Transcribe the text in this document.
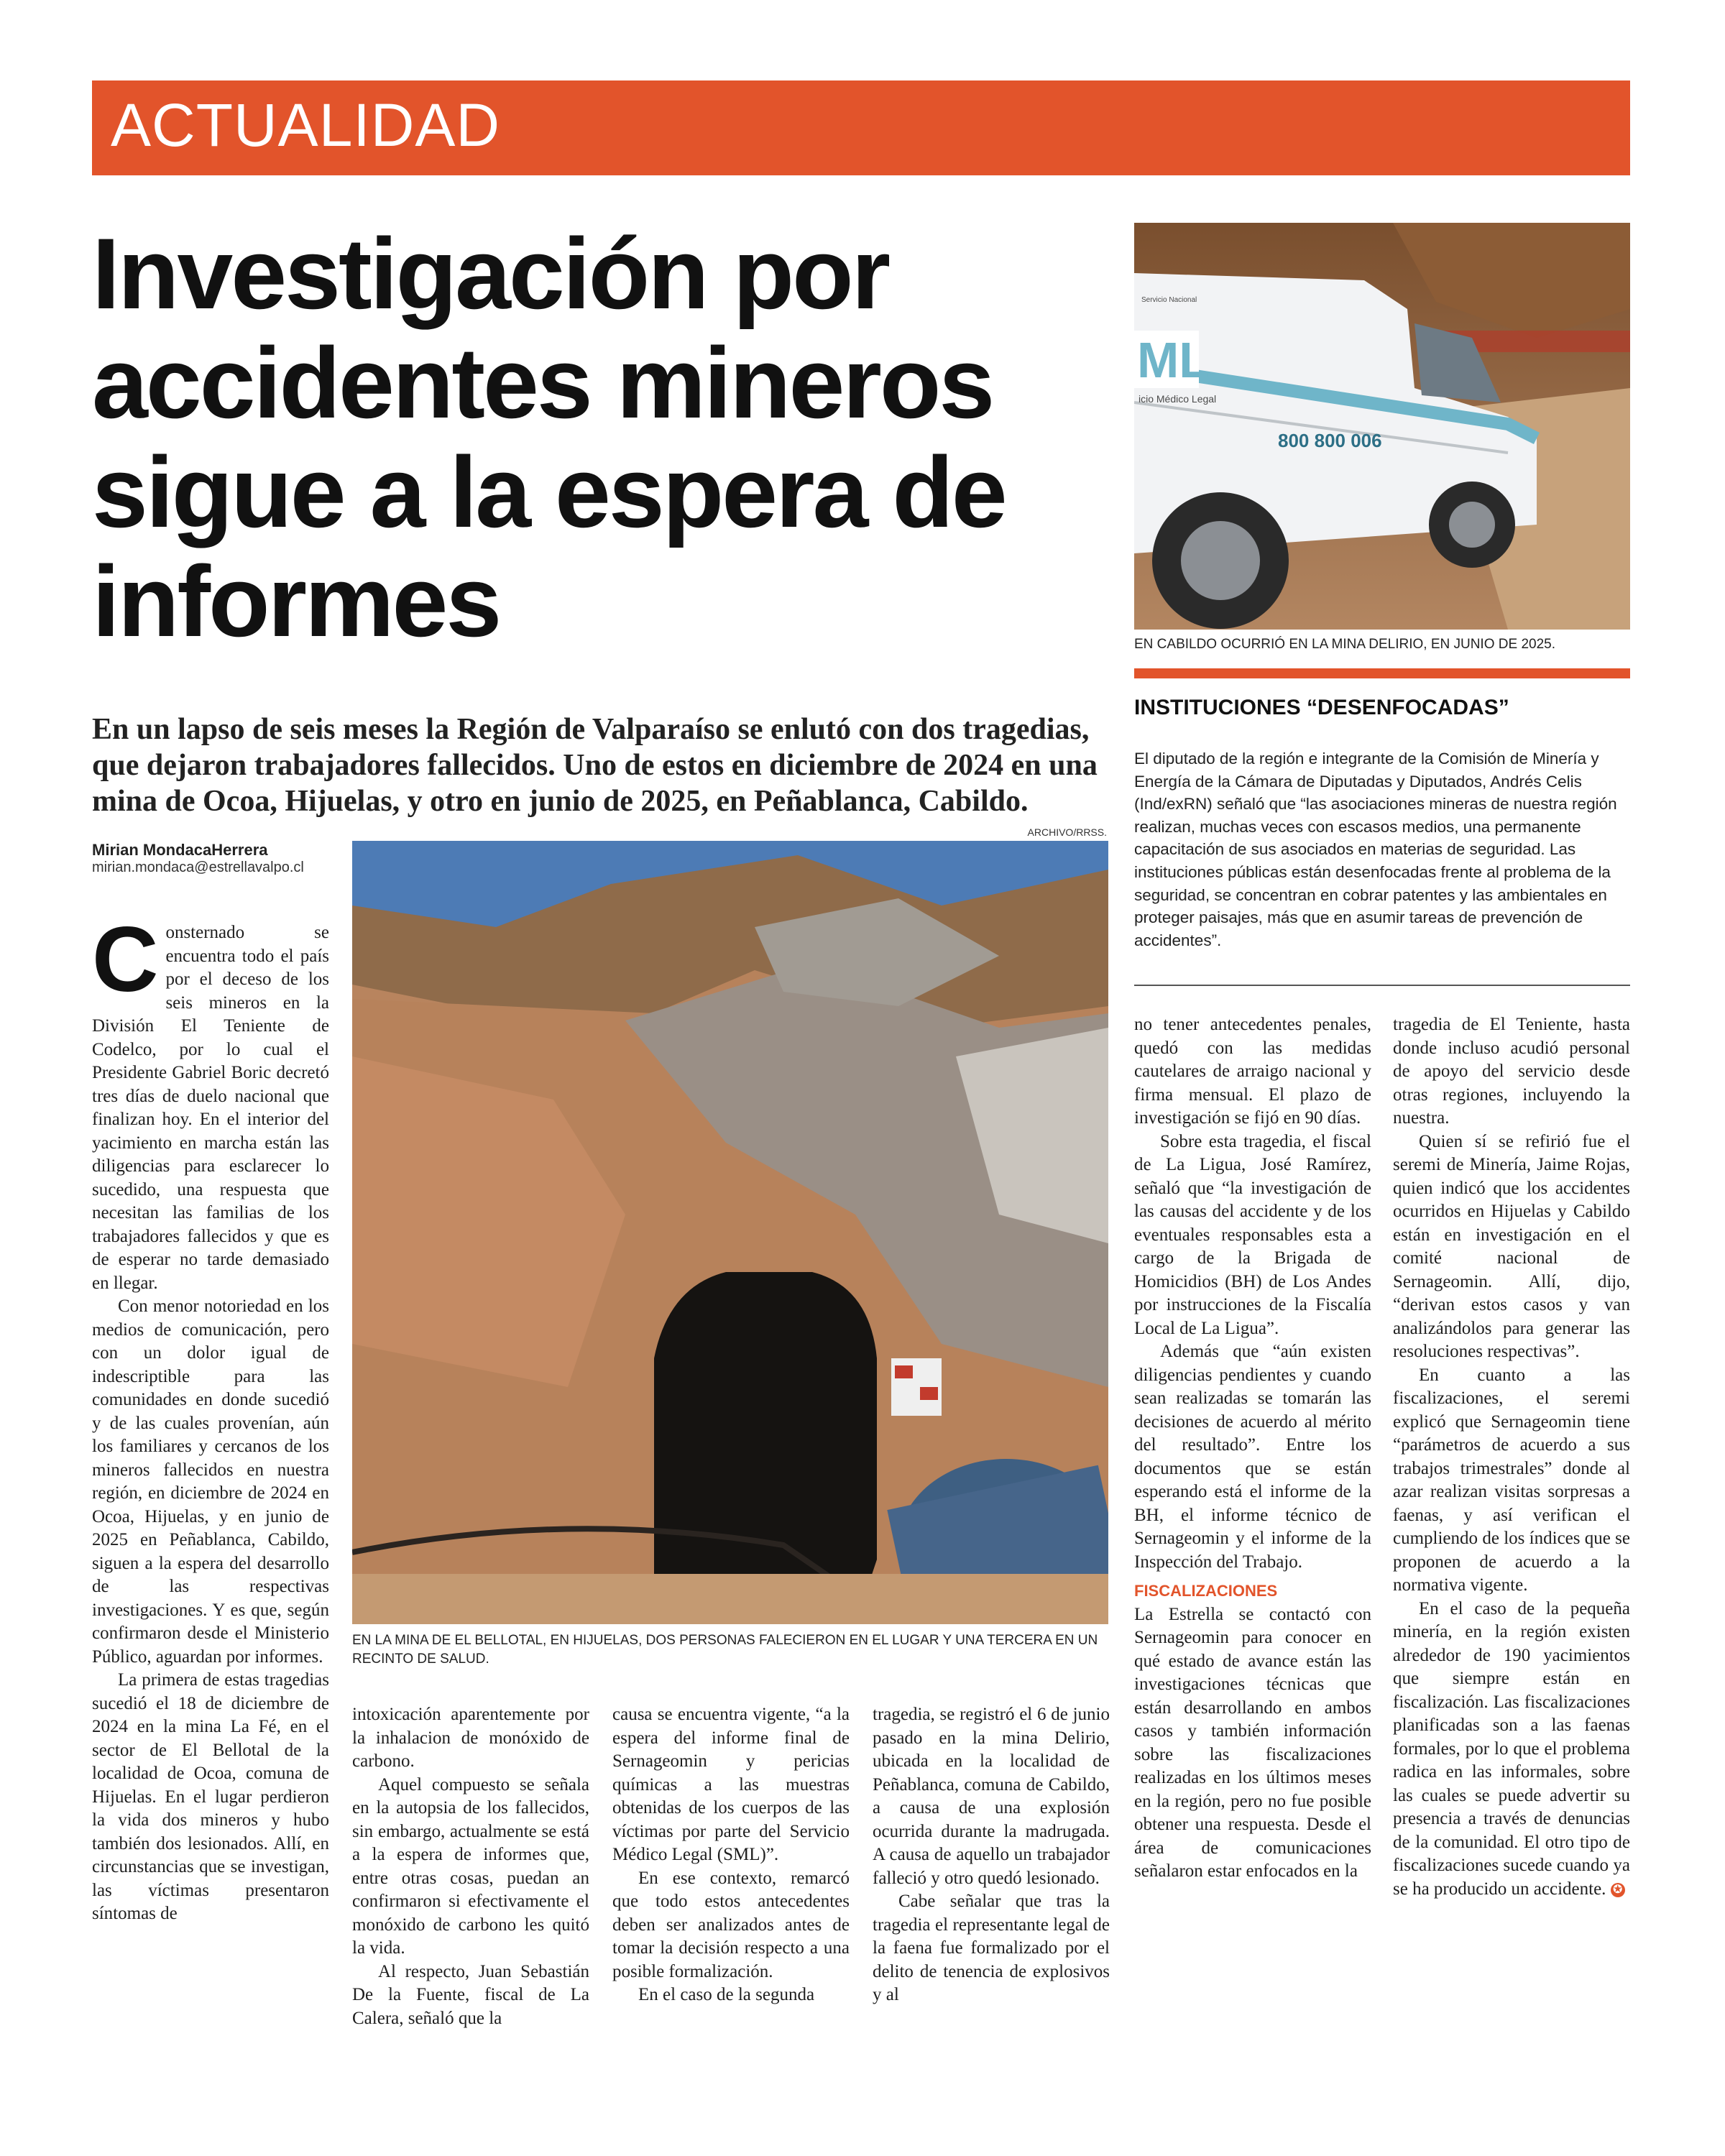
ACTUALIDAD
Investigación por accidentes mineros sigue a la espera de informes
ML
icio Médico Legal
Servicio Nacional
800 800 006
EN CABILDO OCURRIÓ EN LA MINA DELIRIO, EN JUNIO DE 2025.
INSTITUCIONES “DESENFOCADAS”
El diputado de la región e integrante de la Comisión de Minería y Energía de la Cámara de Diputadas y Diputados, Andrés Celis (Ind/exRN) señaló que “las asociaciones mineras de nuestra región realizan, muchas veces con escasos medios, una permanente capacitación de sus asociados en materias de seguridad. Las instituciones públicas están desenfocadas frente al problema de la seguridad, se concentran en cobrar patentes y las ambientales en proteger paisajes, más que en asumir tareas de prevención de accidentes”.

En un lapso de seis meses la Región de Valparaíso se enlutó con dos tragedias, que dejaron trabajadores fallecidos. Uno de estos en diciembre de 2024 en una mina de Ocoa, Hijuelas, y otro en junio de 2025, en Peñablanca, Cabildo.

Mirian MondacaHerrera
mirian.mondaca@estrellavalpo.cl
ARCHIVO/RRSS.
EN LA MINA DE EL BELLOTAL, EN HIJUELAS, DOS PERSONAS FALECIERON EN EL LUGAR Y UNA TERCERA EN UN RECINTO DE SALUD.

Consternado se encuentra todo el país por el deceso de los seis mineros en la División El Teniente de Codelco, por lo cual el Presidente Gabriel Boric decretó tres días de duelo nacional que finalizan hoy. En el interior del yacimiento en marcha están las diligencias para esclarecer lo sucedido, una respuesta que necesitan las familias de los trabajadores fallecidos y que es de esperar no tarde demasiado en llegar.

Con menor notoriedad en los medios de comunicación, pero con un dolor igual de indescriptible para las comunidades en donde sucedió y de las cuales provenían, aún los familiares y cercanos de los mineros fallecidos en nuestra región, en diciembre de 2024 en Ocoa, Hijuelas, y en junio de 2025 en Peñablanca, Cabildo, siguen a la espera del desarrollo de las respectivas investigaciones. Y es que, según confirmaron desde el Ministerio Público, aguardan por informes.

La primera de estas tragedias sucedió el 18 de diciembre de 2024 en la mina La Fé, en el sector de El Bellotal de la localidad de Ocoa, comuna de Hijuelas. En el lugar perdieron la vida dos mineros y hubo también dos lesionados. Allí, en circunstancias que se investigan, las víctimas presentaron síntomas de

intoxicación aparentemente por la inhalacion de monóxido de carbono.

Aquel compuesto se señala en la autopsia de los fallecidos, sin embargo, actualmente se está a la espera de informes que, entre otras cosas, puedan an confirmaron si efectivamente el monóxido de carbono les quitó la vida.

Al respecto, Juan Sebastián De la Fuente, fiscal de La Calera, señaló que la

causa se encuentra vigente, “a la espera del informe final de Sernageomin y pericias químicas a las muestras obtenidas de los cuerpos de las víctimas por parte del Servicio Médico Legal (SML)”.

En ese contexto, remarcó que todo estos antecedentes deben ser analizados antes de tomar la decisión respecto a una posible formalización.

En el caso de la segunda

tragedia, se registró el 6 de junio pasado en la mina Delirio, ubicada en la localidad de Peñablanca, comuna de Cabildo, a causa de una explosión ocurrida durante la madrugada. A causa de aquello un trabajador falleció y otro quedó lesionado.

Cabe señalar que tras la tragedia el representante legal de la faena fue formalizado por el delito de tenencia de explosivos y al

no tener antecedentes penales, quedó con las medidas cautelares de arraigo nacional y firma mensual. El plazo de investigación se fijó en 90 días.

Sobre esta tragedia, el fiscal de La Ligua, José Ramírez, señaló que “la investigación de las causas del accidente y de los eventuales responsables esta a cargo de la Brigada de Homicidios (BH) de Los Andes por instrucciones de la Fiscalía Local de La Ligua”.

Además que “aún existen diligencias pendientes y cuando sean realizadas se tomarán las decisiones de acuerdo al mérito del resultado”. Entre los documentos que se están esperando está el informe de la BH, el informe técnico de Sernageomin y el informe de la Inspección del Trabajo.

FISCALIZACIONES

La Estrella se contactó con Sernageomin para conocer en qué estado de avance están las investigaciones técnicas que están desarrollando en ambos casos y también información sobre las fiscalizaciones realizadas en los últimos meses en la región, pero no fue posible obtener una respuesta. Desde el área de comunicaciones señalaron estar enfocados en la

tragedia de El Teniente, hasta donde incluso acudió personal de apoyo del servicio desde otras regiones, incluyendo la nuestra.

Quien sí se refirió fue el seremi de Minería, Jaime Rojas, quien indicó que los accidentes ocurridos en Hijuelas y Cabildo están en investigación en el comité nacional de Sernageomin. Allí, dijo, “derivan estos casos y van analizándolos para generar las resoluciones respectivas”.

En cuanto a las fiscalizaciones, el seremi explicó que Sernageomin tiene “parámetros de acuerdo a sus trabajos trimestrales” donde al azar realizan visitas sorpresas a faenas, y así verifican el cumpliendo de los índices que se proponen de acuerdo a la normativa vigente.

En el caso de la pequeña minería, en la región existen alrededor de 190 yacimientos que siempre están en fiscalización. Las fiscalizaciones planificadas son a las faenas formales, por lo que el problema radica en las informales, sobre las cuales se puede advertir su presencia a través de denuncias de la comunidad. El otro tipo de fiscalizaciones sucede cuando ya se ha producido un accidente. ✪
